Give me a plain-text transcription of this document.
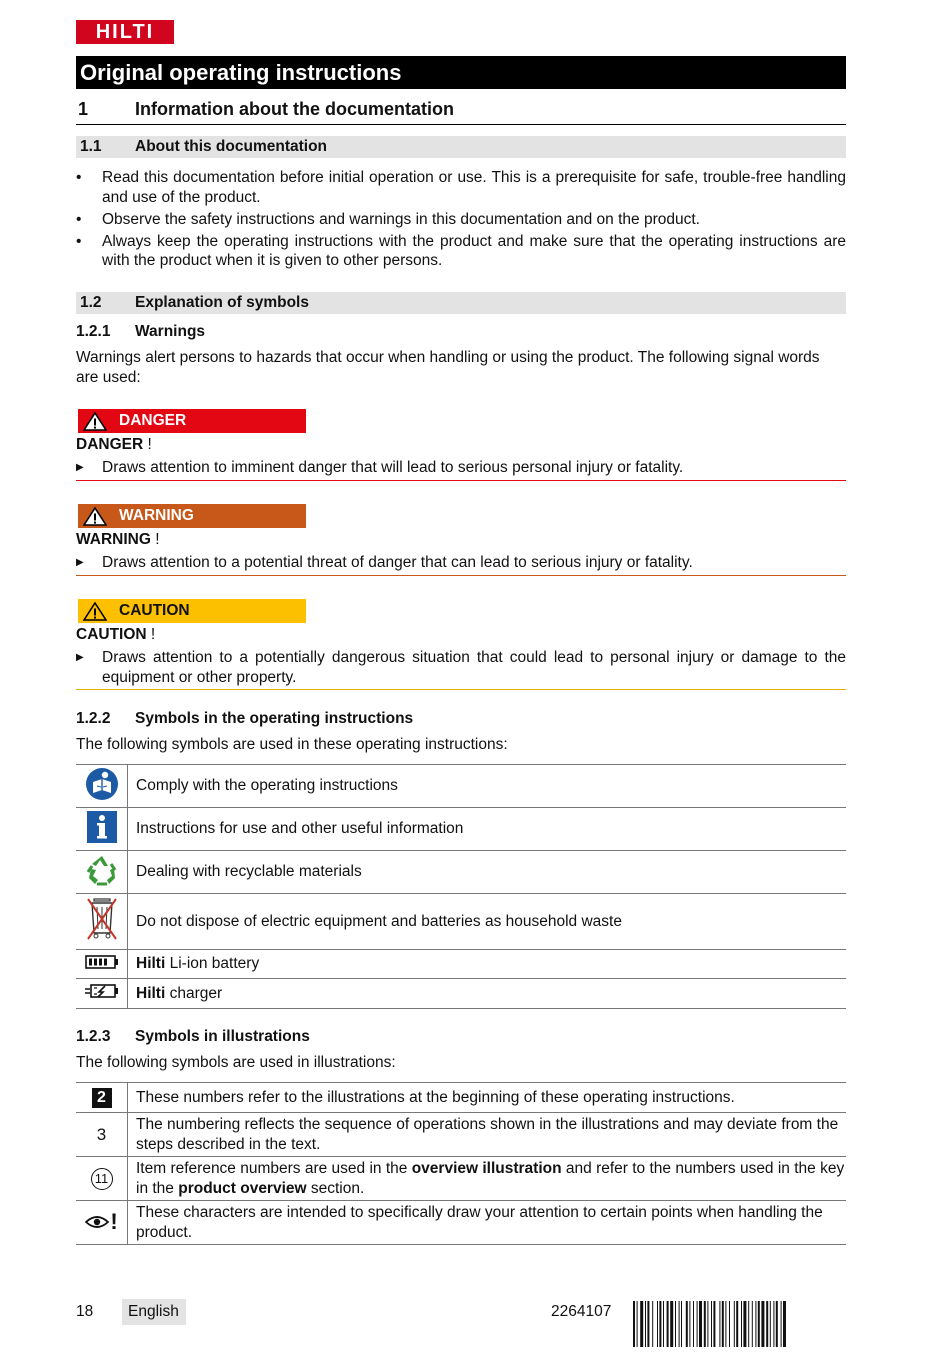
HILTI
Original operating instructions
1	Information about the documentation
1.1 About this documentation
• Read this documentation before initial operation or use. This is a prerequisite for safe, trouble-free handling and use of the product.
• Observe the safety instructions and warnings in this documentation and on the product.
• Always keep the operating instructions with the product and make sure that the operating instructions are with the product when it is given to other persons.
1.2 Explanation of symbols
1.2.1 Warnings
Warnings alert persons to hazards that occur when handling or using the product. The following signal words are used:
DANGER
DANGER !
▶	Draws attention to imminent danger that will lead to serious personal injury or fatality.
WARNING
WARNING !
▶	Draws attention to a potential threat of danger that can lead to serious injury or fatality.
CAUTION
CAUTION !
▶	Draws attention to a potentially dangerous situation that could lead to personal injury or damage to the equipment or other property.
1.2.2 Symbols in the operating instructions
The following symbols are used in these operating instructions:
	Comply with the operating instructions
	Instructions for use and other useful information
	Dealing with recyclable materials
	Do not dispose of electric equipment and batteries as household waste
	Hilti Li-ion battery
	Hilti charger
1.2.3 Symbols in illustrations
The following symbols are used in illustrations:
2	These numbers refer to the illustrations at the beginning of these operating instructions.
3	The numbering reflects the sequence of operations shown in the illustrations and may deviate from the steps described in the text.
11	Item reference numbers are used in the overview illustration and refer to the numbers used in the key in the product overview section.

!	These characters are intended to specifically draw your attention to certain points when handling the product.
18 English	2264107
